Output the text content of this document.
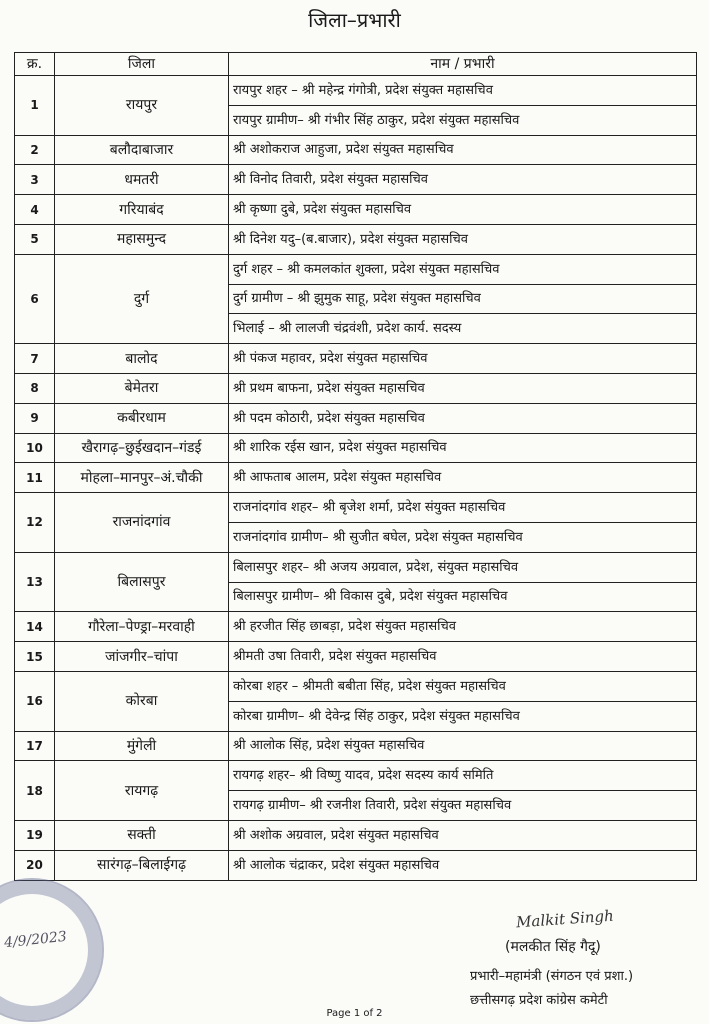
जिला–प्रभारी
क्र.	जिला	नाम / प्रभारी
1	रायपुर	रायपुर शहर – श्री महेन्द्र गंगोत्री, प्रदेश संयुक्त महासचिव
		रायपुर ग्रामीण– श्री गंभीर सिंह ठाकुर, प्रदेश संयुक्त महासचिव
2	बलौदाबाजार	श्री अशोकराज आहुजा, प्रदेश संयुक्त महासचिव
3	धमतरी	श्री विनोद तिवारी, प्रदेश संयुक्त महासचिव
4	गरियाबंद	श्री कृष्णा दुबे, प्रदेश संयुक्त महासचिव
5	महासमुन्द	श्री दिनेश यदु–(ब.बाजार), प्रदेश संयुक्त महासचिव
6	दुर्ग	दुर्ग शहर – श्री कमलकांत शुक्ला, प्रदेश संयुक्त महासचिव
		दुर्ग ग्रामीण – श्री झुमुक साहू, प्रदेश संयुक्त महासचिव
		भिलाई – श्री लालजी चंद्रवंशी, प्रदेश कार्य. सदस्य
7	बालोद	श्री पंकज महावर, प्रदेश संयुक्त महासचिव
8	बेमेतरा	श्री प्रथम बाफना, प्रदेश संयुक्त महासचिव
9	कबीरधाम	श्री पदम कोठारी, प्रदेश संयुक्त महासचिव
10	खैरागढ़–छुईखदान–गंडई	श्री शारिक रईस खान, प्रदेश संयुक्त महासचिव
11	मोहला–मानपुर–अं.चौकी	श्री आफताब आलम, प्रदेश संयुक्त महासचिव
12	राजनांदगांव	राजनांदगांव शहर– श्री बृजेश शर्मा, प्रदेश संयुक्त महासचिव
		राजनांदगांव ग्रामीण– श्री सुजीत बघेल, प्रदेश संयुक्त महासचिव
13	बिलासपुर	बिलासपुर शहर– श्री अजय अग्रवाल, प्रदेश, संयुक्त महासचिव
		बिलासपुर ग्रामीण– श्री विकास दुबे, प्रदेश संयुक्त महासचिव
14	गौरेला–पेण्ड्रा–मरवाही	श्री हरजीत सिंह छाबड़ा, प्रदेश संयुक्त महासचिव
15	जांजगीर–चांपा	श्रीमती उषा तिवारी, प्रदेश संयुक्त महासचिव
16	कोरबा	कोरबा शहर – श्रीमती बबीता सिंह, प्रदेश संयुक्त महासचिव
		कोरबा ग्रामीण– श्री देवेन्द्र सिंह ठाकुर, प्रदेश संयुक्त महासचिव
17	मुंगेली	श्री आलोक सिंह, प्रदेश संयुक्त महासचिव
18	रायगढ़	रायगढ़ शहर– श्री विष्णु यादव, प्रदेश सदस्य कार्य समिति
		रायगढ़ ग्रामीण– श्री रजनीश तिवारी, प्रदेश संयुक्त महासचिव
19	सक्ती	श्री अशोक अग्रवाल, प्रदेश संयुक्त महासचिव
20	सारंगढ़–बिलाईगढ़	श्री आलोक चंद्राकर, प्रदेश संयुक्त महासचिव
4/9/2023
Malkit Singh
(मलकीत सिंह गैदू)
प्रभारी–महामंत्री (संगठन एवं प्रशा.)
छत्तीसगढ़ प्रदेश कांग्रेस कमेटी
Page 1 of 2
